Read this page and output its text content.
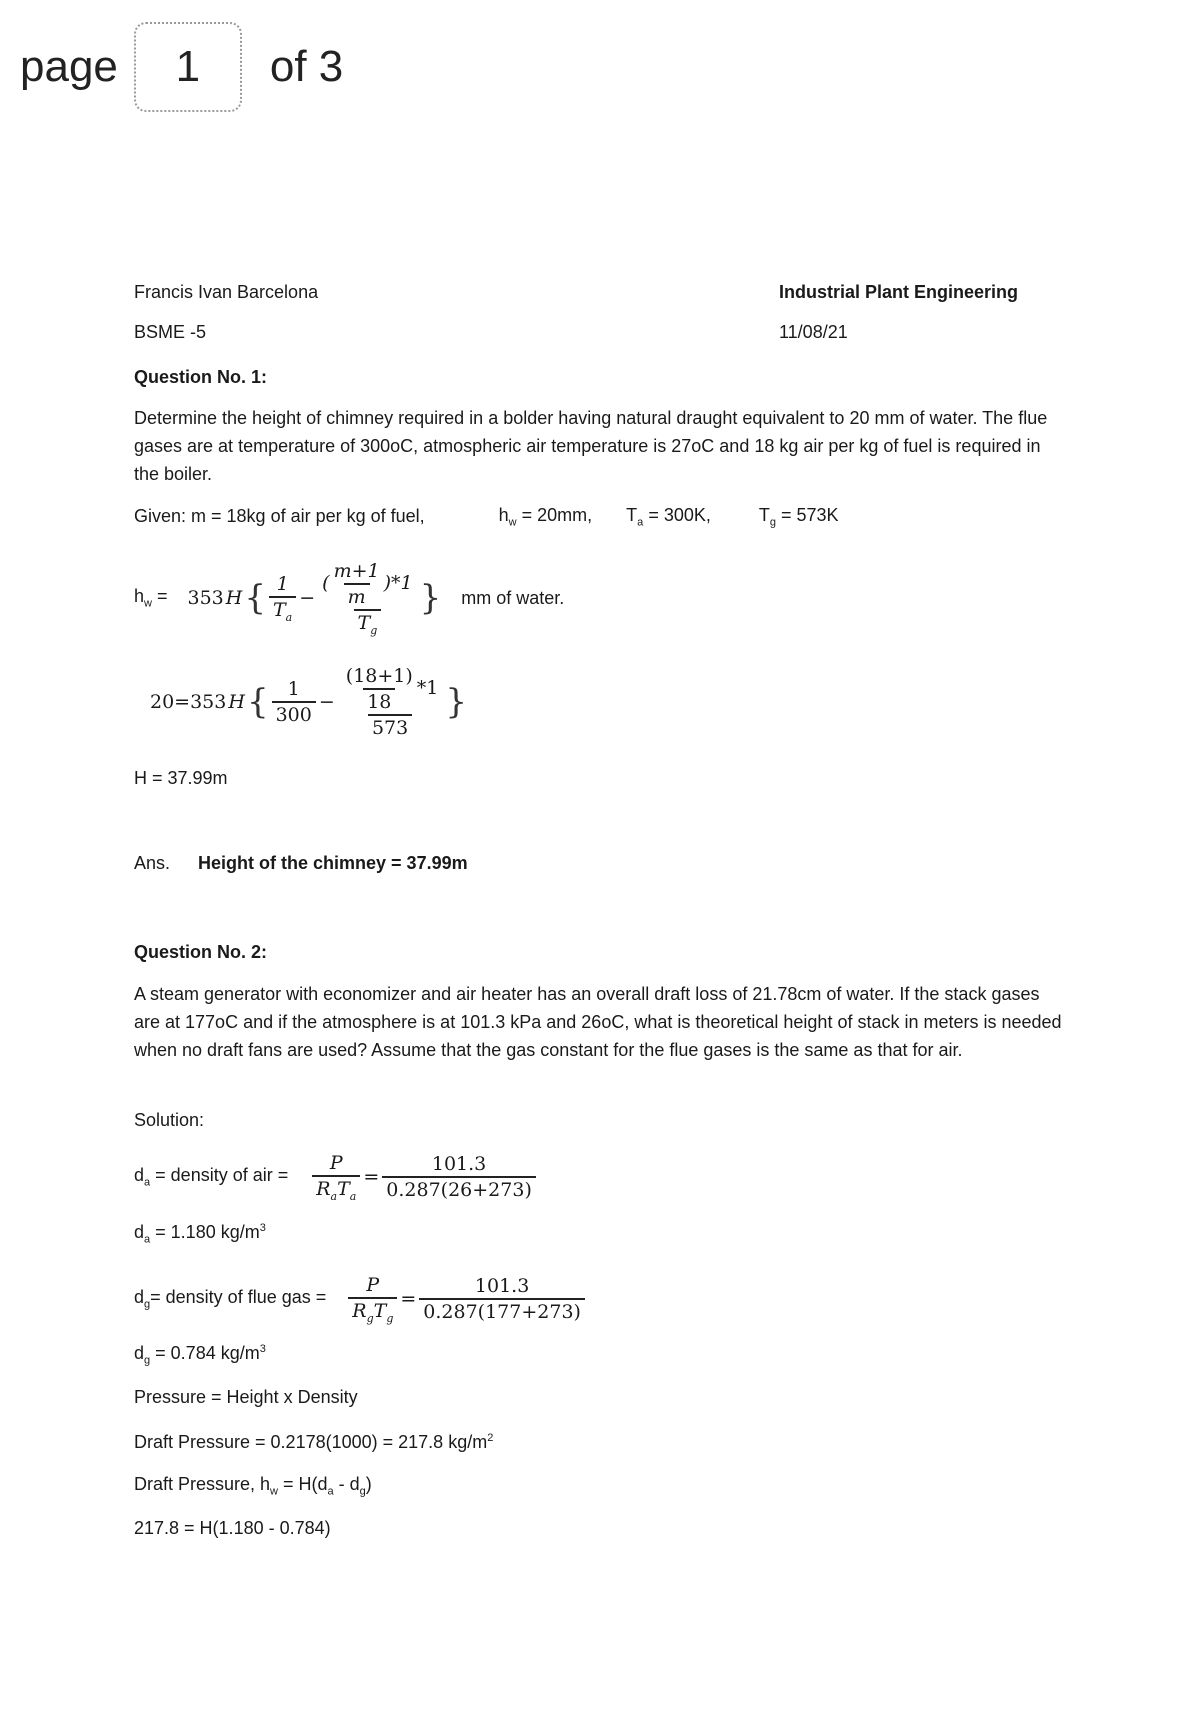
page	1	of 3
Francis Ivan Barcelona	Industrial Plant Engineering
BSME -5	11/08/21
Question No. 1:
Determine the height of chimney required in a bolder having natural draught equivalent to 20 mm of water. The flue gases are at temperature of 300oC, atmospheric air temperature is 27oC and 18 kg air per kg of fuel is required in the boiler.
Given: m = 18kg of air per kg of fuel,	$h_w = 20mm$, $T_a = 300K$,	$T_g = 573K$
$h_w = 353$ H { $\frac{1}{T_a} - \frac{( \frac{m+1}{m} )*1}{T_g}$ } mm of water.
20=353 H { $\frac{1}{300} - \frac{\frac{(18+1)}{18} *1}{573}$ }
H = 37.99m
Ans. Height of the chimney = 37.99m
Question No. 2:
A steam generator with economizer and air heater has an overall draft loss of 21.78cm of water. If the stack gases are at 177oC and if the atmosphere is at 101.3 kPa and 26oC, what is theoretical height of stack in meters is needed when no draft fans are used? Assume that the gas constant for the flue gases is the same as that for air.
Solution:
$d_a$ = density of air = $\frac{P}{R_aT_a} = \frac{101.3}{0.287(26+273)}$
$d_a = 1.180$ $kg/m^3$
$d_g=$ density of flue gas = $\frac{P}{R_gT_g} = \frac{101.3}{0.287(177+273)}$
$d_g = 0.784$ $kg/m^3$
Pressure = Height x Density
Draft Pressure = 0.2178(1000) = 217.8 $kg/m^2$
Draft Pressure, $h_w = H(d_a - d_g)$
217.8 = H(1.180 - 0.784)
